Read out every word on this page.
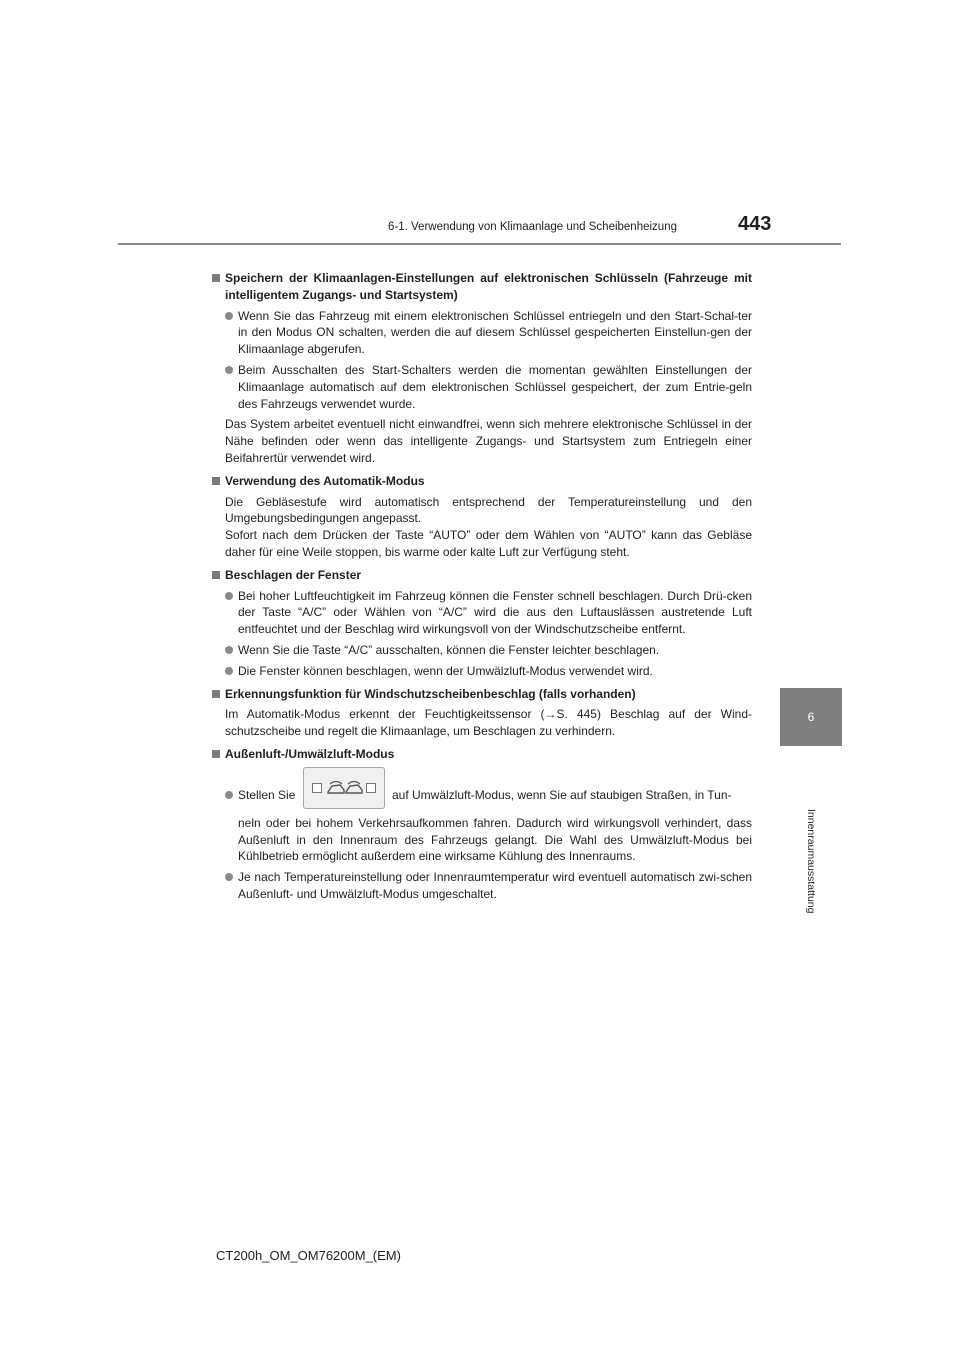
6-1. Verwendung von Klimaanlage und Scheibenheizung	443
6
Innenraumausstattung
Speichern der Klimaanlagen-Einstellungen auf elektronischen Schlüsseln (Fahrzeuge mit intelligentem Zugangs- und Startsystem)
Wenn Sie das Fahrzeug mit einem elektronischen Schlüssel entriegeln und den Start-Schal-ter in den Modus ON schalten, werden die auf diesem Schlüssel gespeicherten Einstellun-gen der Klimaanlage abgerufen.
Beim Ausschalten des Start-Schalters werden die momentan gewählten Einstellungen der Klimaanlage automatisch auf dem elektronischen Schlüssel gespeichert, der zum Entrie-geln des Fahrzeugs verwendet wurde.
Das System arbeitet eventuell nicht einwandfrei, wenn sich mehrere elektronische Schlüssel in der Nähe befinden oder wenn das intelligente Zugangs- und Startsystem zum Entriegeln einer Beifahrertür verwendet wird.
Verwendung des Automatik-Modus
Die Gebläsestufe wird automatisch entsprechend der Temperatureinstellung und den Umgebungsbedingungen angepasst.
Sofort nach dem Drücken der Taste “AUTO” oder dem Wählen von “AUTO” kann das Gebläse daher für eine Weile stoppen, bis warme oder kalte Luft zur Verfügung steht.
Beschlagen der Fenster
Bei hoher Luftfeuchtigkeit im Fahrzeug können die Fenster schnell beschlagen. Durch Drü-cken der Taste “A/C” oder Wählen von “A/C” wird die aus den Luftauslässen austretende Luft entfeuchtet und der Beschlag wird wirkungsvoll von der Windschutzscheibe entfernt.
Wenn Sie die Taste “A/C” ausschalten, können die Fenster leichter beschlagen.
Die Fenster können beschlagen, wenn der Umwälzluft-Modus verwendet wird.
Erkennungsfunktion für Windschutzscheibenbeschlag (falls vorhanden)
Im Automatik-Modus erkennt der Feuchtigkeitssensor (→S. 445) Beschlag auf der Wind-schutzscheibe und regelt die Klimaanlage, um Beschlagen zu verhindern.
Außenluft-/Umwälzluft-Modus
Stellen Sie	auf Umwälzluft-Modus, wenn Sie auf staubigen Straßen, in Tun-
neln oder bei hohem Verkehrsaufkommen fahren. Dadurch wird wirkungsvoll verhindert, dass Außenluft in den Innenraum des Fahrzeugs gelangt. Die Wahl des Umwälzluft-Modus bei Kühlbetrieb ermöglicht außerdem eine wirksame Kühlung des Innenraums.
Je nach Temperatureinstellung oder Innenraumtemperatur wird eventuell automatisch zwi-schen Außenluft- und Umwälzluft-Modus umgeschaltet.
CT200h_OM_OM76200M_(EM)
